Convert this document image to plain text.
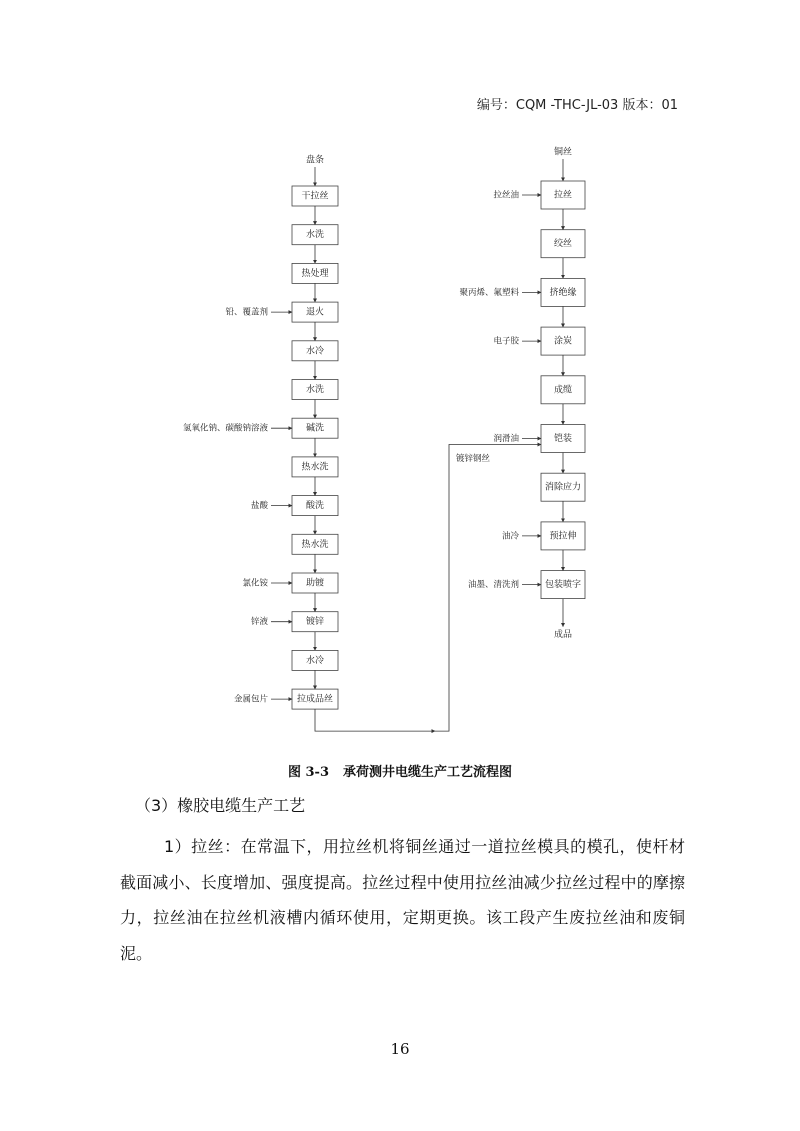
编号：CQM -THC-JL-03 版本：01
盘条
干拉丝
水洗
热处理
退火
水冷
水洗
碱洗
热水洗
酸洗
热水洗
助镀
镀锌
水冷
拉成品丝
铅、覆盖剂
氢氧化钠、碳酸钠溶液
盐酸
氯化铵
锌液
金属包片
铜丝
拉丝
绞丝
挤绝缘
涂炭
成缆
铠装
消除应力
预拉伸
包装喷字
拉丝油
聚丙烯、氟塑料
电子胶
润滑油
油冷
油墨、清洗剂
成品
镀锌钢丝
图 3-3 承荷测井电缆生产工艺流程图
（3）橡胶电缆生产工艺
1）拉丝：在常温下，用拉丝机将铜丝通过一道拉丝模具的模孔，使杆材截面减小、长度增加、强度提高。拉丝过程中使用拉丝油减少拉丝过程中的摩擦力，拉丝油在拉丝机液槽内循环使用，定期更换。该工段产生废拉丝油和废铜泥。
16
